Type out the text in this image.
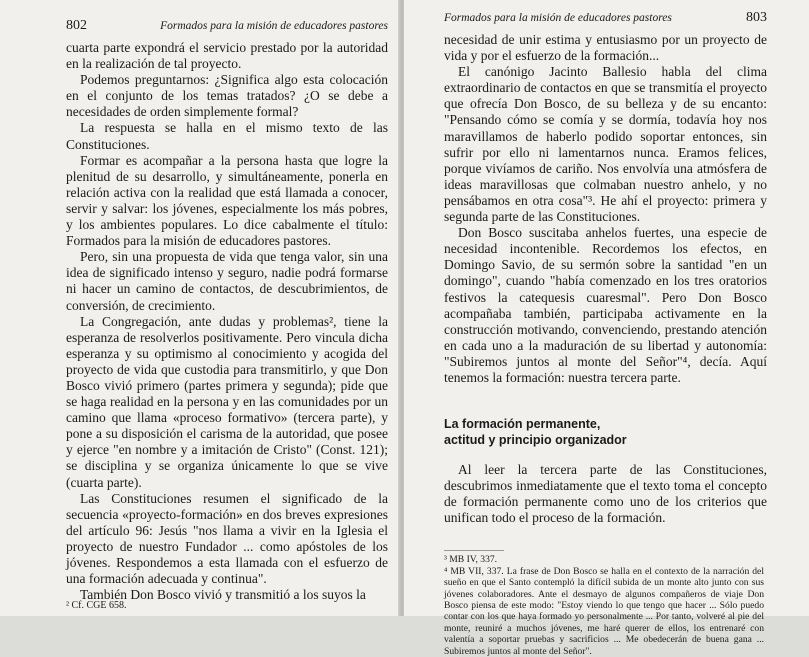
802	Formados para la misión de educadores pastores

cuarta parte expondrá el servicio prestado por la autoridad en la realización de tal proyecto.

Podemos preguntarnos: ¿Significa algo esta colocación en el conjunto de los temas tratados? ¿O se debe a necesidades de orden simplemente formal?

La respuesta se halla en el mismo texto de las Constituciones.

Formar es acompañar a la persona hasta que logre la plenitud de su desarrollo, y simultáneamente, ponerla en relación activa con la realidad que está llamada a conocer, servir y salvar: los jóvenes, especialmente los más pobres, y los ambientes populares. Lo dice cabalmente el título: Formados para la misión de educadores pastores.

Pero, sin una propuesta de vida que tenga valor, sin una idea de significado intenso y seguro, nadie podrá formarse ni hacer un camino de contactos, de descubrimientos, de conversión, de crecimiento.

La Congregación, ante dudas y problemas², tiene la esperanza de resolverlos positivamente. Pero vincula dicha esperanza y su optimismo al conocimiento y acogida del proyecto de vida que custodia para transmitirlo, y que Don Bosco vivió primero (partes primera y segunda); pide que se haga realidad en la persona y en las comunidades por un camino que llama «proceso formativo» (tercera parte), y pone a su disposición el carisma de la autoridad, que posee y ejerce "en nombre y a imitación de Cristo" (Const. 121); se disciplina y se organiza únicamente lo que se vive (cuarta parte).

Las Constituciones resumen el significado de la secuencia «proyecto-formación» en dos breves expresiones del artículo 96: Jesús "nos llama a vivir en la Iglesia el proyecto de nuestro Fundador ... como apóstoles de los jóvenes. Respondemos a esta llamada con el esfuerzo de una formación adecuada y continua".

También Don Bosco vivió y transmitió a los suyos la

² Cf. CGE 658.
Formados para la misión de educadores pastores	803

necesidad de unir estima y entusiasmo por un proyecto de vida y por el esfuerzo de la formación...

El canónigo Jacinto Ballesio habla del clima extraordinario de contactos en que se transmitía el proyecto que ofrecía Don Bosco, de su belleza y de su encanto: "Pensando cómo se comía y se dormía, todavía hoy nos maravillamos de haberlo podido soportar entonces, sin sufrir por ello ni lamentarnos nunca. Eramos felices, porque vivíamos de cariño. Nos envolvía una atmósfera de ideas maravillosas que colmaban nuestro anhelo, y no pensábamos en otra cosa"³. He ahí el proyecto: primera y segunda parte de las Constituciones.

Don Bosco suscitaba anhelos fuertes, una especie de necesidad incontenible. Recordemos los efectos, en Domingo Savio, de su sermón sobre la santidad "en un domingo", cuando "había comenzado en los tres oratorios festivos la catequesis cuaresmal". Pero Don Bosco acompañaba también, participaba activamente en la construcción motivando, convenciendo, prestando atención en cada uno a la maduración de su libertad y autonomía: "Subiremos juntos al monte del Señor"⁴, decía. Aquí tenemos la formación: nuestra tercera parte.

La formación permanente,
actitud y principio organizador

Al leer la tercera parte de las Constituciones, descubrimos inmediatamente que el texto toma el concepto de formación permanente como uno de los criterios que unifican todo el proceso de la formación.

³ MB IV, 337.

⁴ MB VII, 337. La frase de Don Bosco se halla en el contexto de la narración del sueño en que el Santo contempló la difícil subida de un monte alto junto con sus jóvenes colaboradores. Ante el desmayo de algunos compañeros de viaje Don Bosco piensa de este modo: "Estoy viendo lo que tengo que hacer ... Sólo puedo contar con los que haya formado yo personalmente ... Por tanto, volveré al pie del monte, reuniré a muchos jóvenes, me haré querer de ellos, los entrenaré con valentía a soportar pruebas y sacrificios ... Me obedecerán de buena gana ... Subiremos juntos al monte del Señor".
